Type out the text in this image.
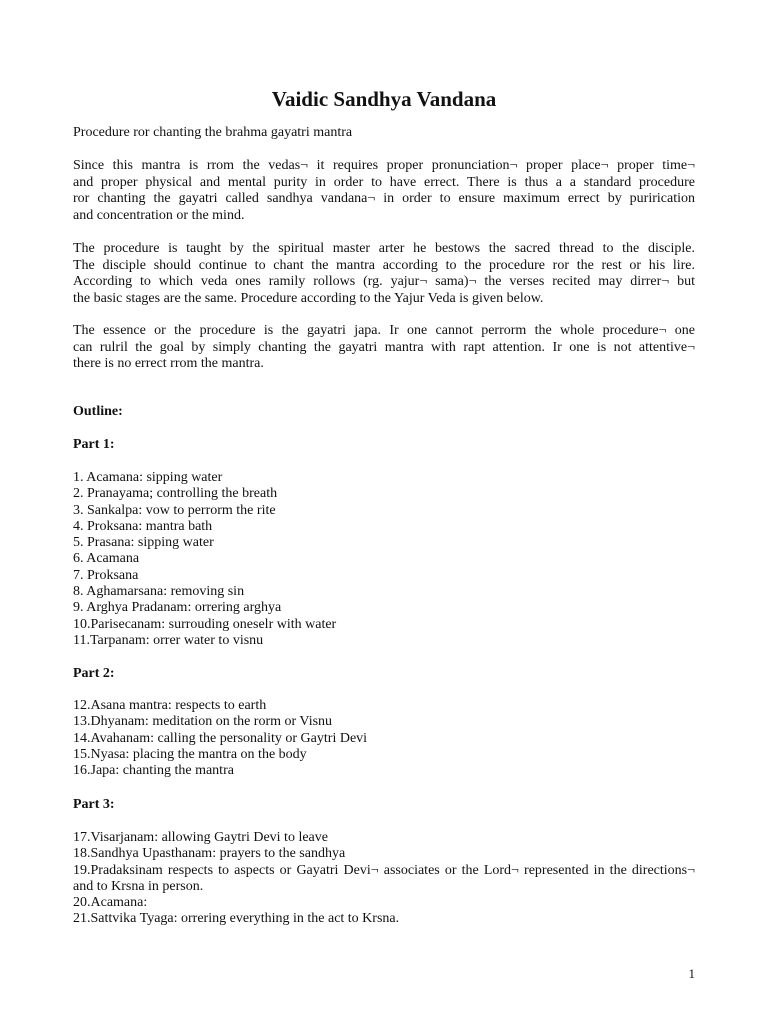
Vaidic Sandhya Vandana

Procedure ror chanting the brahma gayatri mantra

Since this mantra is rrom the vedas¬ it requires proper pronunciation¬ proper place¬ proper time¬
and proper physical and mental purity in order to have errect. There is thus a a standard procedure
ror chanting the gayatri called sandhya vandana¬ in order to ensure maximum errect by purirication
and concentration or the mind.

The procedure is taught by the spiritual master arter he bestows the sacred thread to the disciple.
The disciple should continue to chant the mantra according to the procedure ror the rest or his lire.
According to which veda ones ramily rollows (rg. yajur¬ sama)¬ the verses recited may dirrer¬ but
the basic stages are the same. Procedure according to the Yajur Veda is given below.

The essence or the procedure is the gayatri japa. Ir one cannot perrorm the whole procedure¬ one
can rulril the goal by simply chanting the gayatri mantra with rapt attention. Ir one is not attentive¬
there is no errect rrom the mantra.

Outline:

Part 1:

1. Acamana: sipping water
2. Pranayama; controlling the breath
3. Sankalpa: vow to perrorm the rite
4. Proksana: mantra bath
5. Prasana: sipping water
6. Acamana
7. Proksana
8. Aghamarsana: removing sin
9. Arghya Pradanam: orrering arghya
10.Parisecanam: surrouding oneselr with water
11.Tarpanam: orrer water to visnu

Part 2:

12.Asana mantra: respects to earth
13.Dhyanam: meditation on the rorm or Visnu
14.Avahanam: calling the personality or Gaytri Devi
15.Nyasa: placing the mantra on the body
16.Japa: chanting the mantra

Part 3:

17.Visarjanam: allowing Gaytri Devi to leave
18.Sandhya Upasthanam: prayers to the sandhya
19.Pradaksinam respects to aspects or Gayatri Devi¬ associates or the Lord¬ represented in the directions¬ and to Krsna in person.
20.Acamana:
21.Sattvika Tyaga: orrering everything in the act to Krsna.

1
